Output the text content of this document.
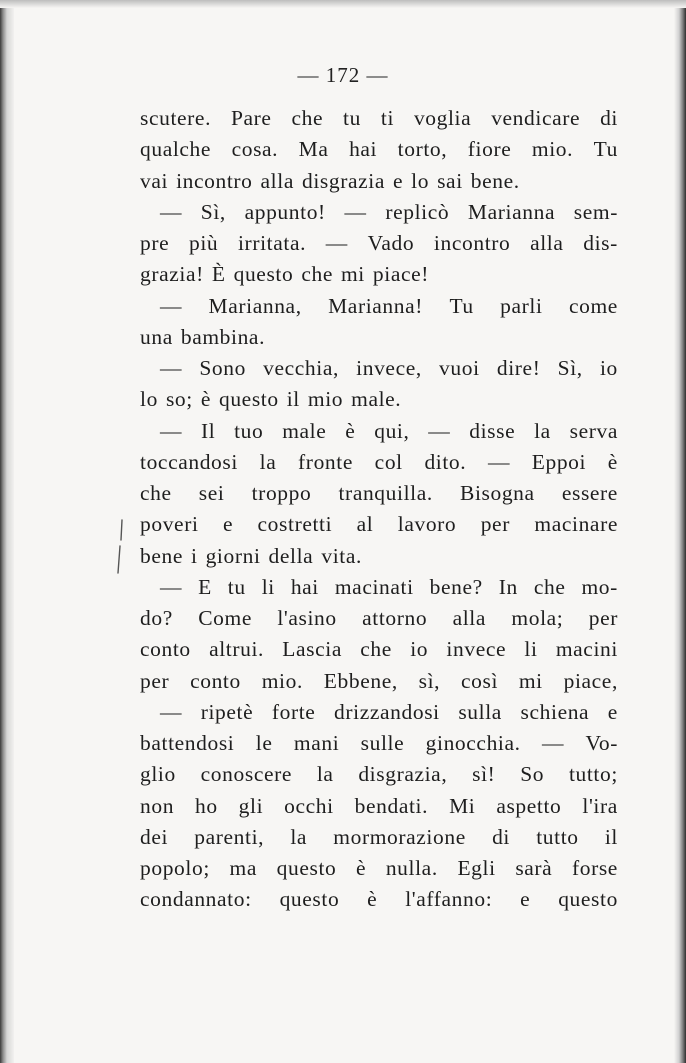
— 172 —
scutere. Pare che tu ti voglia vendicare di
qualche cosa. Ma hai torto, fiore mio. Tu
vai incontro alla disgrazia e lo sai bene.
— Sì, appunto! — replicò Marianna sem-
pre più irritata. — Vado incontro alla dis-
grazia! È questo che mi piace!
— Marianna, Marianna! Tu parli come
una bambina.
— Sono vecchia, invece, vuoi dire! Sì, io
lo so; è questo il mio male.
— Il tuo male è qui, — disse la serva
toccandosi la fronte col dito. — Eppoi è
che sei troppo tranquilla. Bisogna essere
poveri e costretti al lavoro per macinare
bene i giorni della vita.
— E tu li hai macinati bene? In che mo-
do? Come l'asino attorno alla mola; per
conto altrui. Lascia che io invece li macini
per conto mio. Ebbene, sì, così mi piace,
— ripetè forte drizzandosi sulla schiena e
battendosi le mani sulle ginocchia. — Vo-
glio conoscere la disgrazia, sì! So tutto;
non ho gli occhi bendati. Mi aspetto l'ira
dei parenti, la mormorazione di tutto il
popolo; ma questo è nulla. Egli sarà forse
condannato: questo è l'affanno: e questo
